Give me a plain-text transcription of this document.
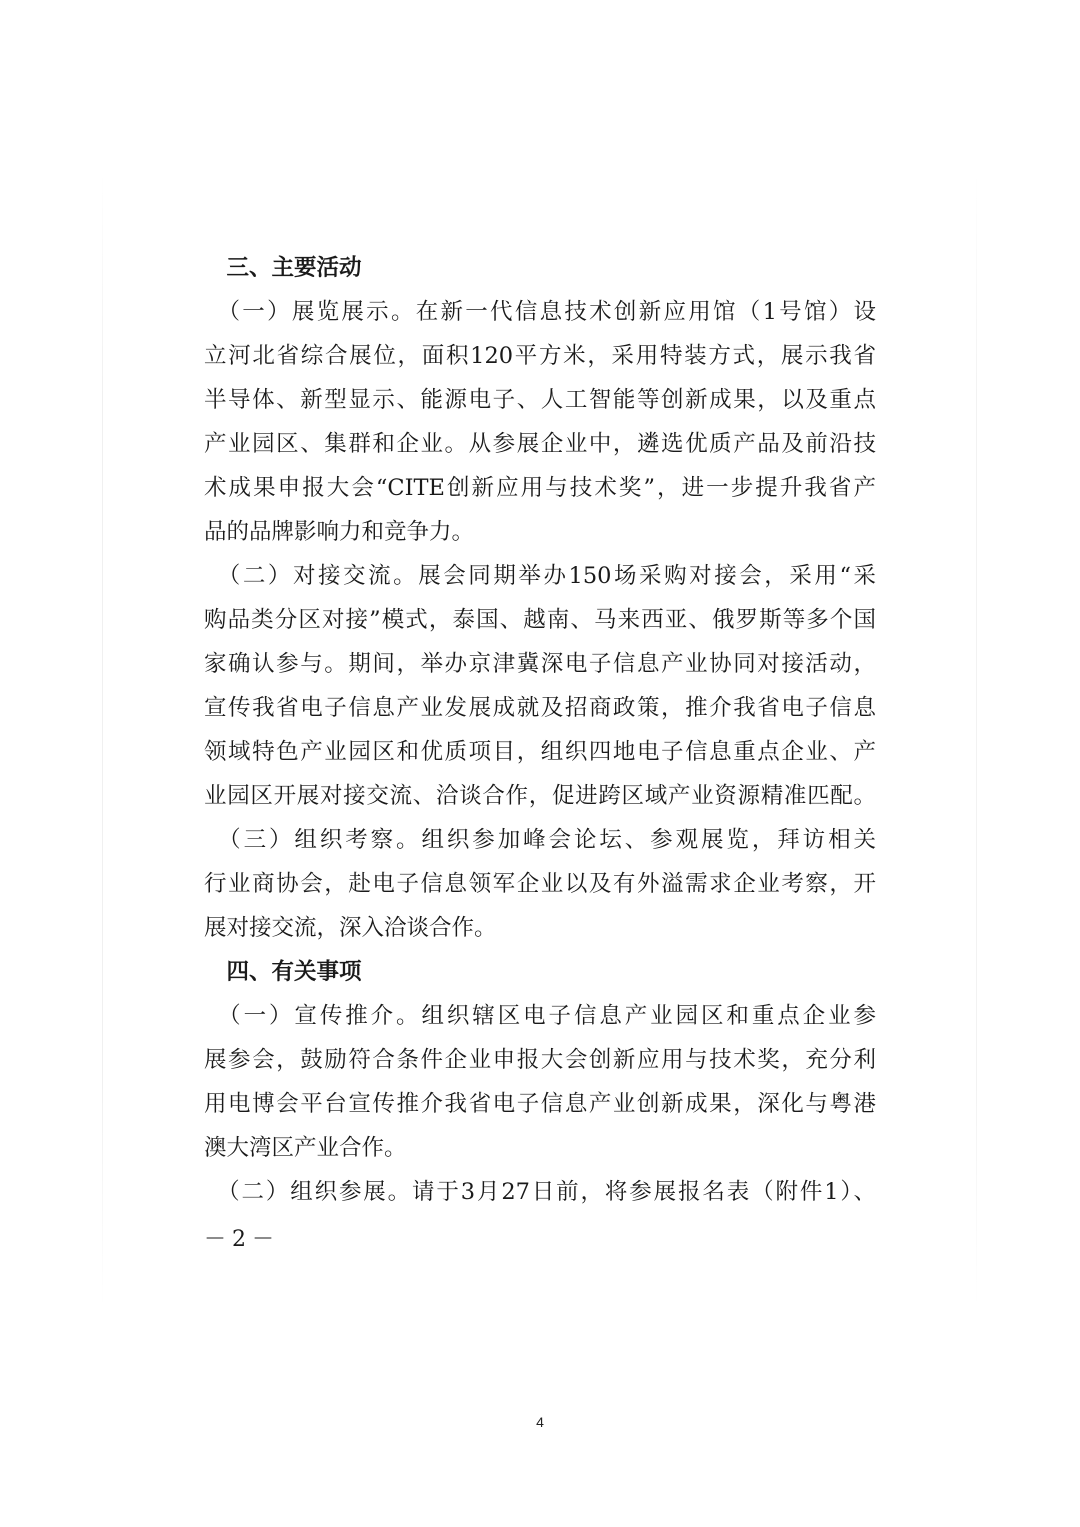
　三、主要活动
　（一）展览展示。在新一代信息技术创新应用馆（1号馆）设
立河北省综合展位，面积120平方米，采用特装方式，展示我省
半导体、新型显示、能源电子、人工智能等创新成果，以及重点
产业园区、集群和企业。从参展企业中，遴选优质产品及前沿技
术成果申报大会“CITE创新应用与技术奖”，进一步提升我省产
品的品牌影响力和竞争力。
　（二）对接交流。展会同期举办150场采购对接会，采用“采
购品类分区对接”模式，泰国、越南、马来西亚、俄罗斯等多个国
家确认参与。期间，举办京津冀深电子信息产业协同对接活动，
宣传我省电子信息产业发展成就及招商政策，推介我省电子信息
领域特色产业园区和优质项目，组织四地电子信息重点企业、产
业园区开展对接交流、洽谈合作，促进跨区域产业资源精准匹配。
　（三）组织考察。组织参加峰会论坛、参观展览，拜访相关
行业商协会，赴电子信息领军企业以及有外溢需求企业考察，开
展对接交流，深入洽谈合作。
　四、有关事项
　（一）宣传推介。组织辖区电子信息产业园区和重点企业参
展参会，鼓励符合条件企业申报大会创新应用与技术奖，充分利
用电博会平台宣传推介我省电子信息产业创新成果，深化与粤港
澳大湾区产业合作。
　（二）组织参展。请于3月27日前，将参展报名表（附件1）、
－2－
4
